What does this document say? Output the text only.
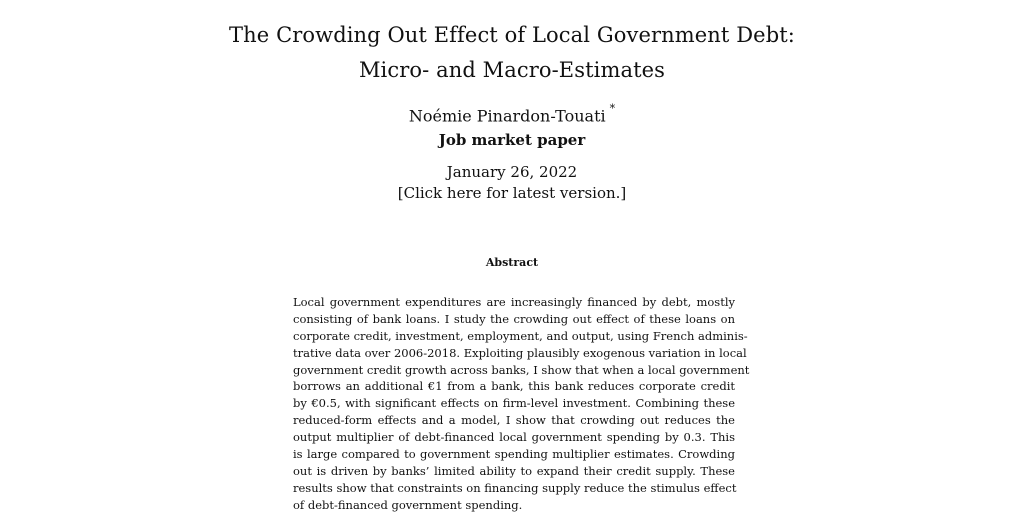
The Crowding Out Effect of Local Government Debt:
Micro- and Macro-Estimates
Noémie Pinardon-Touati *
Job market paper
January 26, 2022
[Click here for latest version.]
Abstract
Local government expenditures are increasingly financed by debt, mostly
consisting of bank loans. I study the crowding out effect of these loans on
corporate credit, investment, employment, and output, using French adminis-
trative data over 2006-2018. Exploiting plausibly exogenous variation in local
government credit growth across banks, I show that when a local government
borrows an additional €1 from a bank, this bank reduces corporate credit
by €0.5, with significant effects on firm-level investment. Combining these
reduced-form effects and a model, I show that crowding out reduces the
output multiplier of debt-financed local government spending by 0.3. This
is large compared to government spending multiplier estimates. Crowding
out is driven by banks’ limited ability to expand their credit supply. These
results show that constraints on financing supply reduce the stimulus effect
of debt-financed government spending.
